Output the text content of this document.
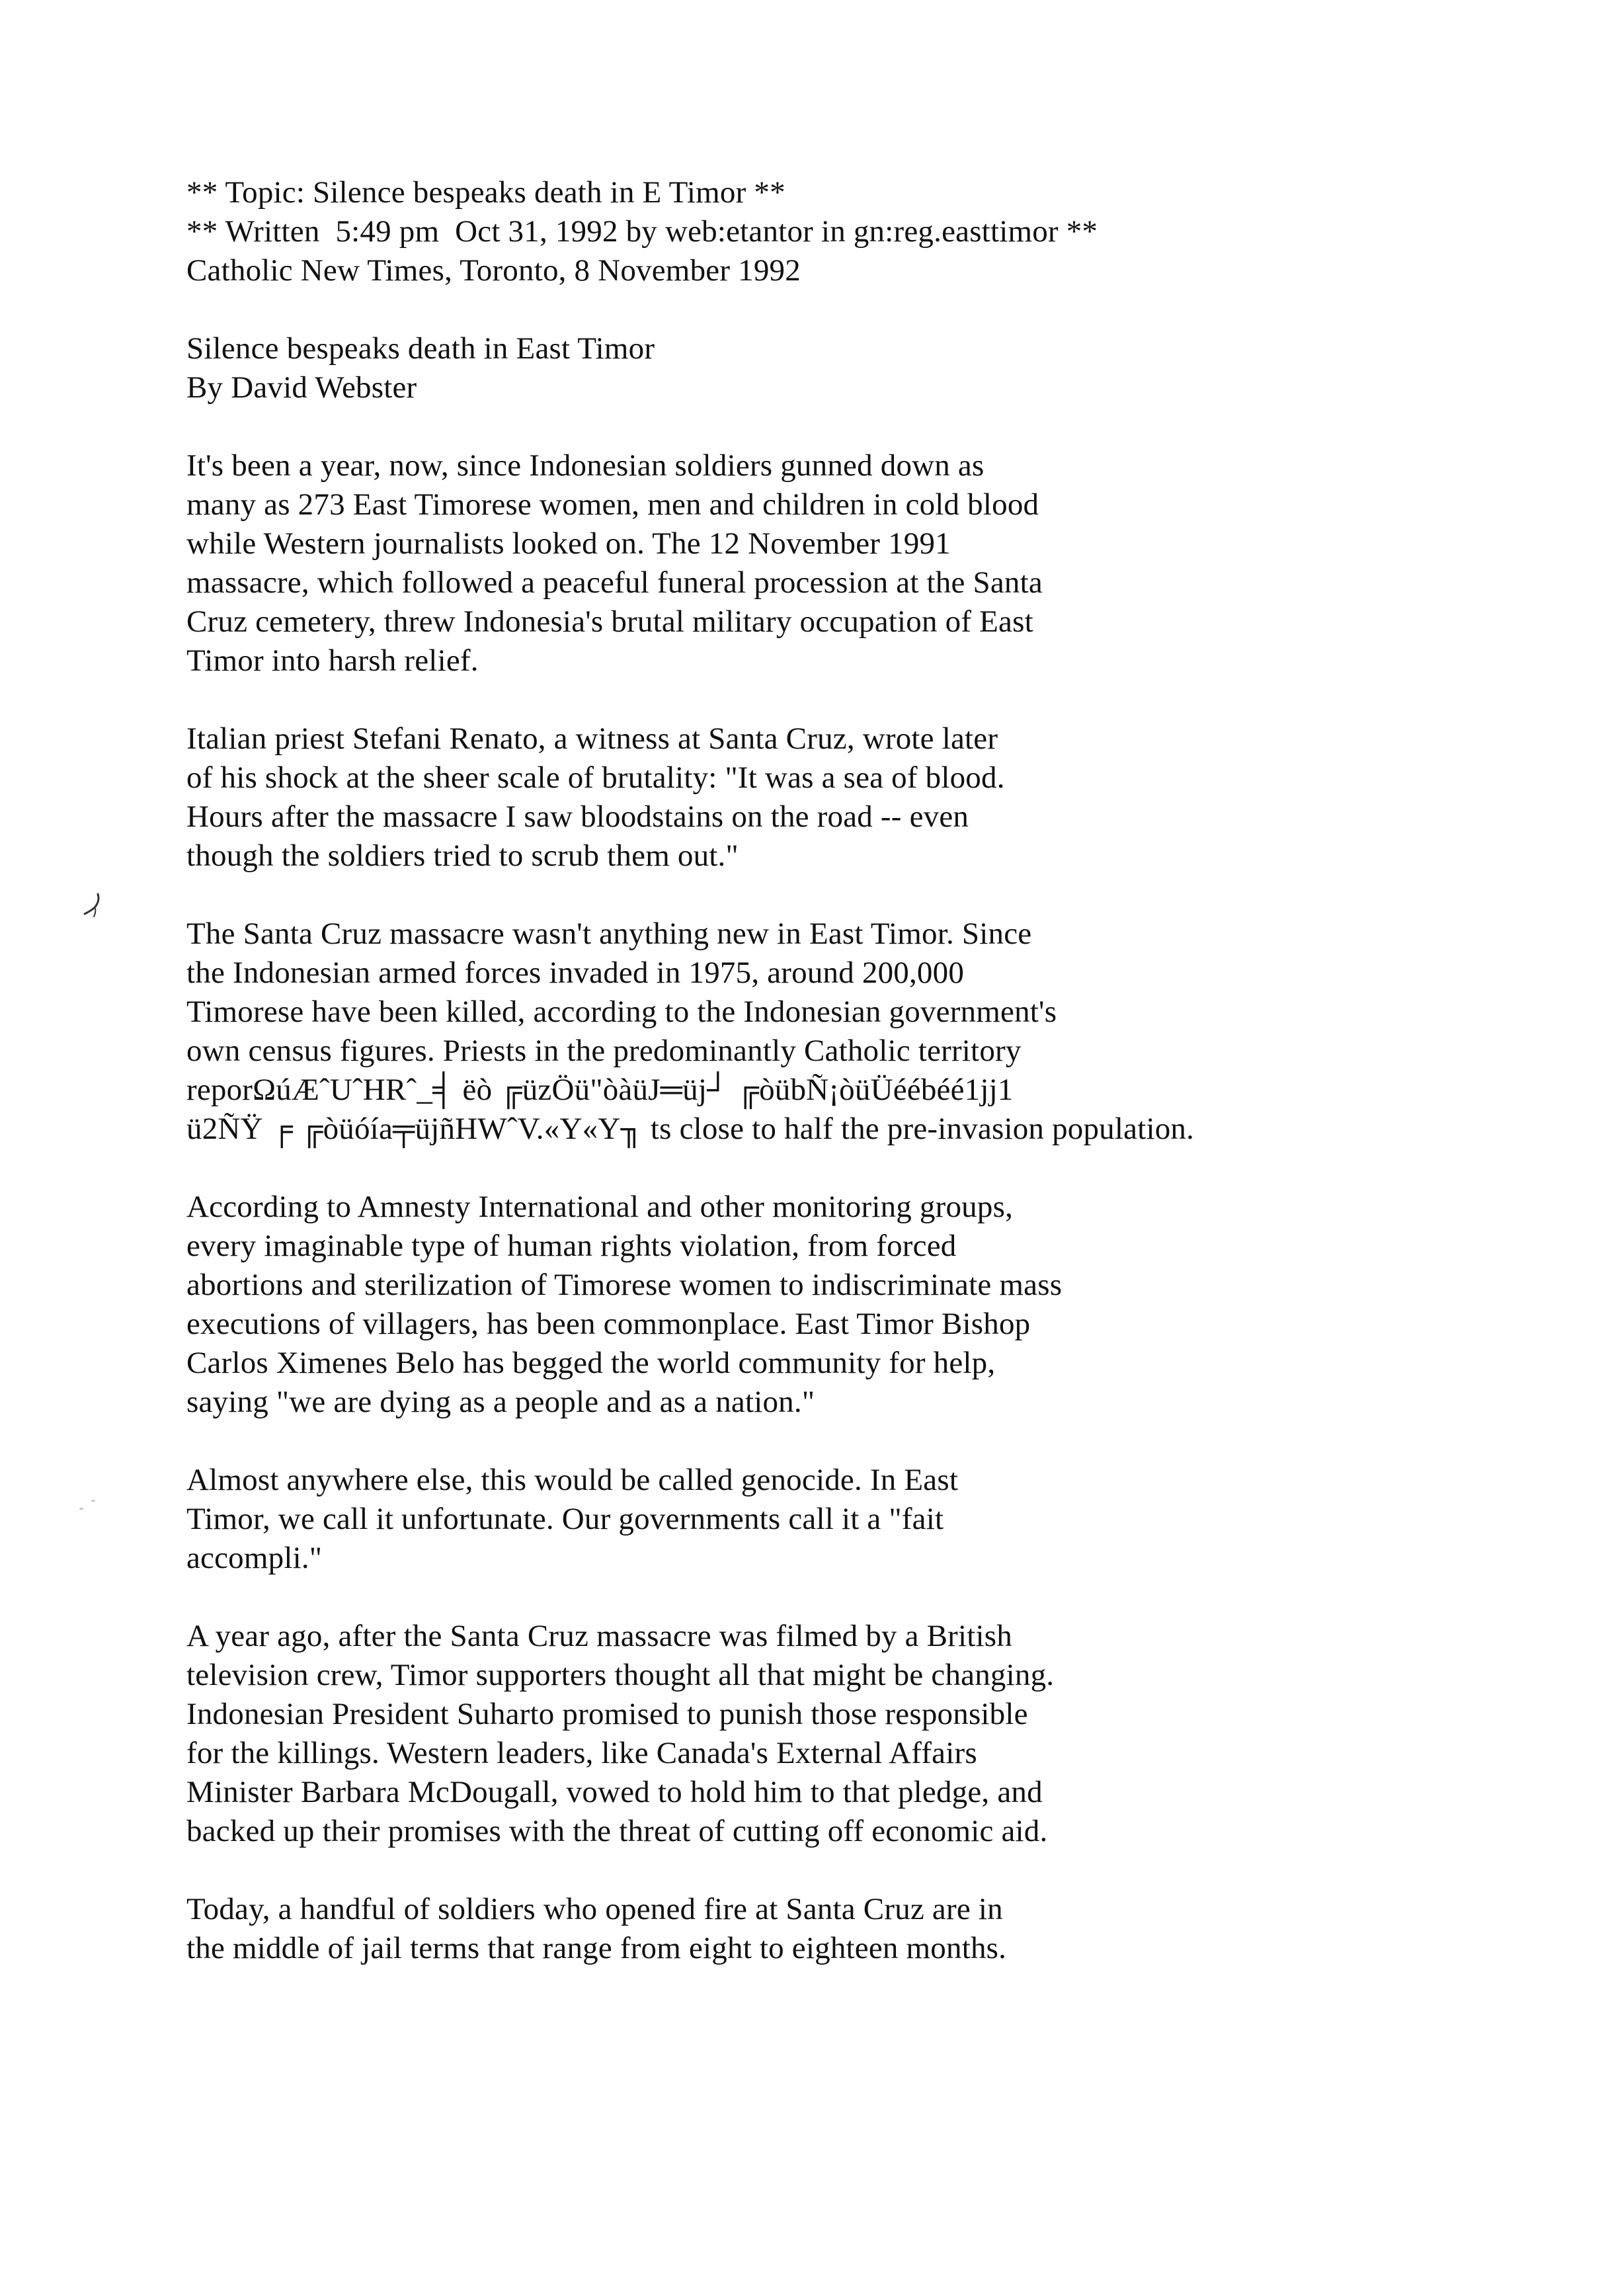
** Topic: Silence bespeaks death in E Timor **
** Written  5:49 pm  Oct 31, 1992 by web:etantor in gn:reg.easttimor **
Catholic New Times, Toronto, 8 November 1992
Silence bespeaks death in East Timor
By David Webster
It's been a year, now, since Indonesian soldiers gunned down as
many as 273 East Timorese women, men and children in cold blood
while Western journalists looked on. The 12 November 1991
massacre, which followed a peaceful funeral procession at the Santa
Cruz cemetery, threw Indonesia's brutal military occupation of East
Timor into harsh relief.
Italian priest Stefani Renato, a witness at Santa Cruz, wrote later
of his shock at the sheer scale of brutality: "It was a sea of blood.
Hours after the massacre I saw bloodstains on the road -- even
though the soldiers tried to scrub them out."
The Santa Cruz massacre wasn't anything new in East Timor. Since
the Indonesian armed forces invaded in 1975, around 200,000
Timorese have been killed, according to the Indonesian government's
own census figures. Priests in the predominantly Catholic territory
reporΩúÆˆUˆHRˆ_╡ ëò ╔üzÖü"òàüJ═üj┘ ╔òübÑ¡òüÜéébéé1jj1
ü2ÑŸ ╒ ╔òüóía╤üjñHWˆV.«Y«Y╖ ts close to half the pre-invasion population.
According to Amnesty International and other monitoring groups,
every imaginable type of human rights violation, from forced
abortions and sterilization of Timorese women to indiscriminate mass
executions of villagers, has been commonplace. East Timor Bishop
Carlos Ximenes Belo has begged the world community for help,
saying "we are dying as a people and as a nation."
Almost anywhere else, this would be called genocide. In East
Timor, we call it unfortunate. Our governments call it a "fait
accompli."
A year ago, after the Santa Cruz massacre was filmed by a British
television crew, Timor supporters thought all that might be changing.
Indonesian President Suharto promised to punish those responsible
for the killings. Western leaders, like Canada's External Affairs
Minister Barbara McDougall, vowed to hold him to that pledge, and
backed up their promises with the threat of cutting off economic aid.
Today, a handful of soldiers who opened fire at Santa Cruz are in
the middle of jail terms that range from eight to eighteen months.
